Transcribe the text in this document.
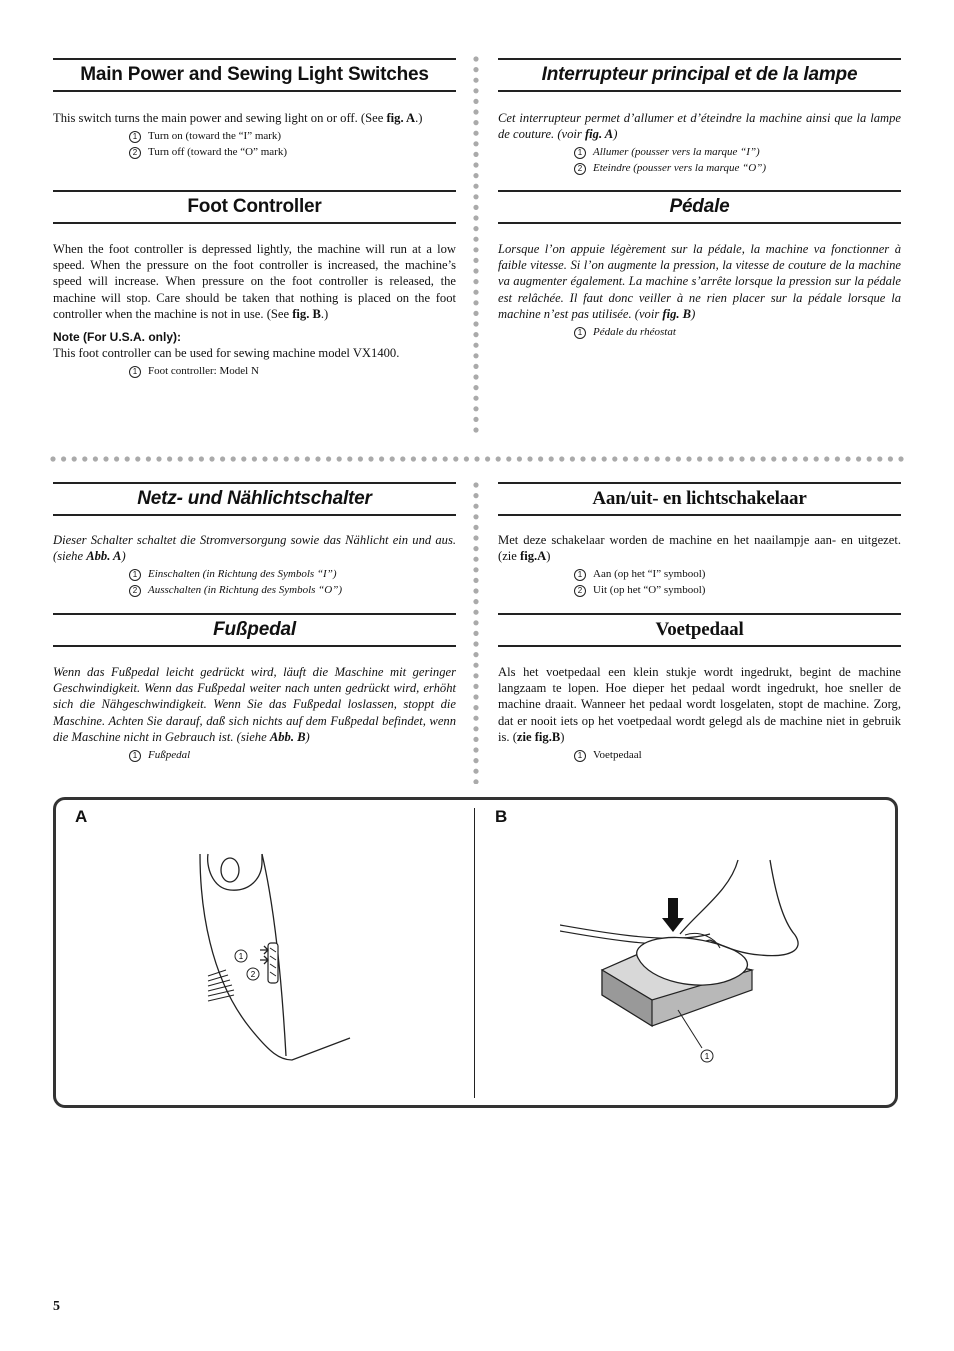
Main Power and Sewing Light Switches
This switch turns the main power and sewing light on or off. (See fig. A.)
1 Turn on (toward the “I” mark)
2 Turn off (toward the “O” mark)
Foot Controller
When the foot controller is depressed lightly, the machine will run at a low speed. When the pressure on the foot controller is increased, the machine’s speed will increase. When pressure on the foot controller is released, the machine will stop. Care should be taken that nothing is placed on the foot controller when the machine is not in use. (See fig. B.)
Note (For U.S.A. only):
This foot controller can be used for sewing machine model VX1400.
1 Foot controller: Model N
Interrupteur principal et de la lampe
Cet interrupteur permet d’allumer et d’éteindre la machine ainsi que la lampe de couture. (voir fig. A)
1 Allumer (pousser vers la marque “I”)
2 Eteindre (pousser vers la marque “O”)
Pédale
Lorsque l’on appuie légèrement sur la pédale, la machine va fonctionner à faible vitesse. Si l’on augmente la pression, la vitesse de couture de la machine va augmenter également. La machine s’arrête lorsque la pression sur la pédale est relâchée. Il faut donc veiller à ne rien placer sur la pédale lorsque la machine n’est pas utilisée. (voir fig. B)
1 Pédale du rhéostat
Netz- und Nählichtschalter
Dieser Schalter schaltet die Stromversorgung sowie das Nählicht ein und aus. (siehe Abb. A)
1 Einschalten (in Richtung des Symbols “I”)
2 Ausschalten (in Richtung des Symbols “O”)
Fußpedal
Wenn das Fußpedal leicht gedrückt wird, läuft die Maschine mit geringer Geschwindigkeit. Wenn das Fußpedal weiter nach unten gedrückt wird, erhöht sich die Nähgeschwindigkeit. Wenn Sie das Fußpedal loslassen, stoppt die Maschine. Achten Sie darauf, daß sich nichts auf dem Fußpedal befindet, wenn die Maschine nicht in Gebrauch ist. (siehe Abb. B)
1 Fußpedal
Aan/uit- en lichtschakelaar
Met deze schakelaar worden de machine en het naailampje aan- en uitgezet. (zie fig.A)
1 Aan (op het “I” symbool)
2 Uit (op het “O” symbool)
Voetpedaal
Als het voetpedaal een klein stukje wordt ingedrukt, begint de machine langzaam te lopen. Hoe dieper het pedaal wordt ingedrukt, hoe sneller de machine draait. Wanneer het pedaal wordt losgelaten, stopt de machine. Zorg, dat er nooit iets op het voetpedaal wordt gelegd als de machine niet in gebruik is. (zie fig.B)
1 Voetpedaal
A	B
1
2
1
5
